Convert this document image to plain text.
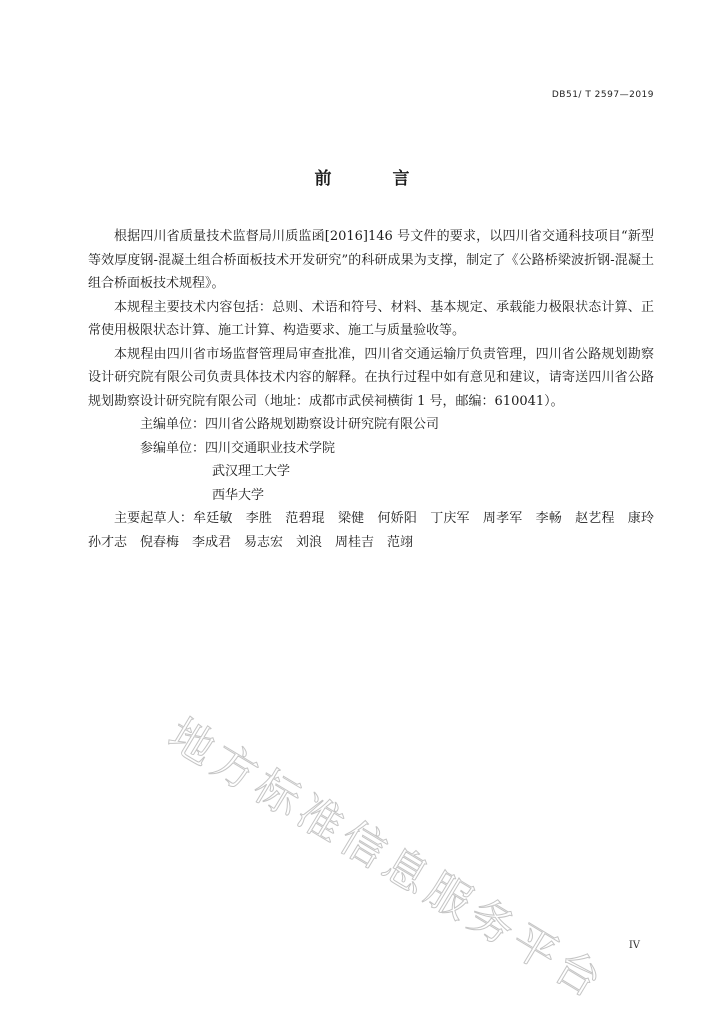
DB51/ T 2597—2019
前　言

根据四川省质量技术监督局川质监函[2016]146 号文件的要求，以四川省交通科技项目“新型等效厚度钢-混凝土组合桥面板技术开发研究”的科研成果为支撑，制定了《公路桥梁波折钢-混凝土组合桥面板技术规程》。

本规程主要技术内容包括：总则、术语和符号、材料、基本规定、承载能力极限状态计算、正常使用极限状态计算、施工计算、构造要求、施工与质量验收等。

本规程由四川省市场监督管理局审查批准，四川省交通运输厅负责管理，四川省公路规划勘察设计研究院有限公司负责具体技术内容的解释。在执行过程中如有意见和建议，请寄送四川省公路规划勘察设计研究院有限公司（地址：成都市武侯祠横街 1 号，邮编：610041）。

主编单位：四川省公路规划勘察设计研究院有限公司

参编单位：四川交通职业技术学院

武汉理工大学

西华大学

主要起草人：牟廷敏　李胜　范碧琨　梁健　何娇阳　丁庆军　周孝军　李畅　赵艺程　康玲　孙才志　倪春梅　李成君　易志宏　刘浪　周桂吉　范翊

地方标准信息服务平台	IV
